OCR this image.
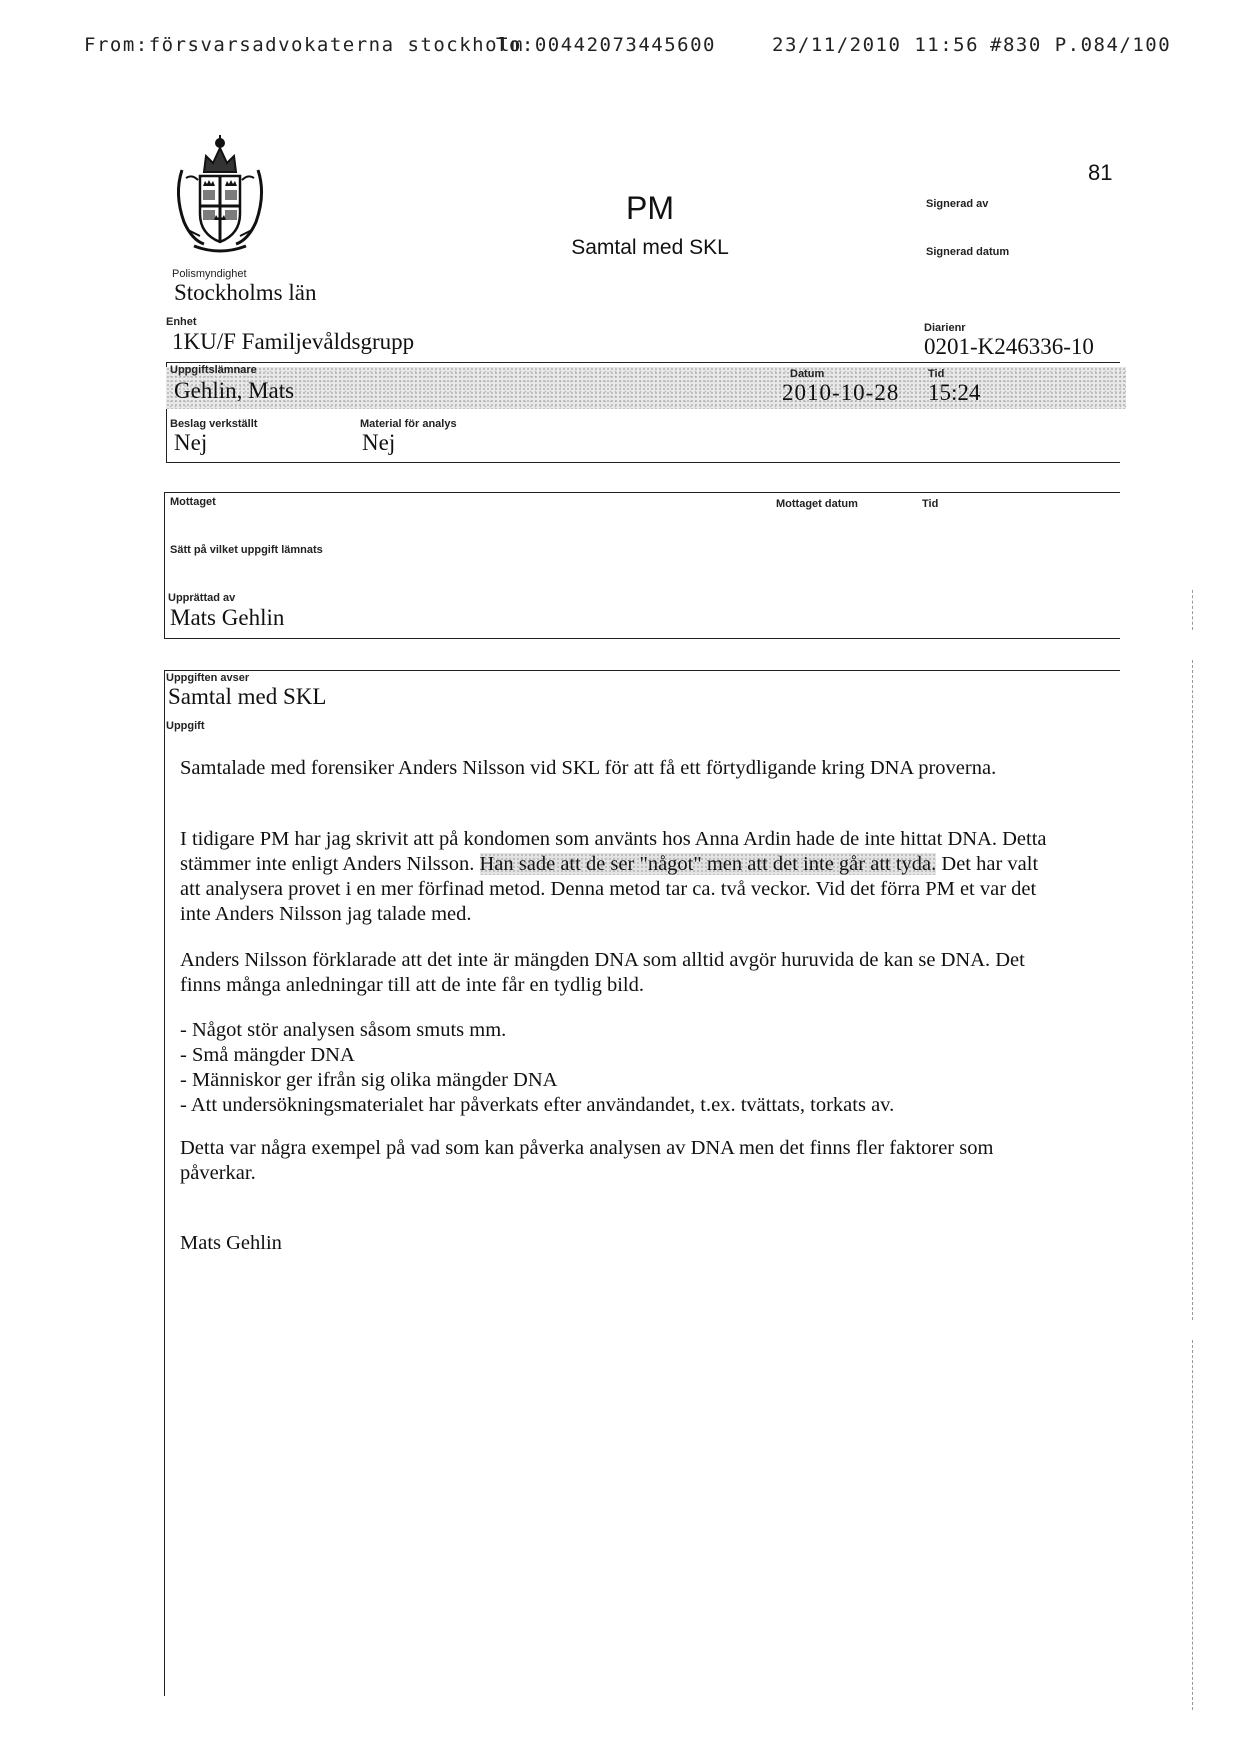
From:försvarsadvokaterna stockholm
To:00442073445600	23/11/2010 11:56 #830 P.084/100
PM
Samtal med SKL
81
Signerad av
Signerad datum
Polismyndighet
Stockholms län
Enhet
1KU/F Familjevåldsgrupp
Diarienr
0201-K246336-10
Uppgiftslämnare
Gehlin, Mats
Datum
2010-10-28
Tid
15:24
Beslag verkställt
Nej
Material för analys
Nej
Mottaget	Mottaget datum	Tid
Sätt på vilket uppgift lämnats
Upprättad av
Mats Gehlin
Uppgiften avser
Samtal med SKL
Uppgift
Samtalade med forensiker Anders Nilsson vid SKL för att få ett förtydligande kring DNA proverna.
I tidigare PM har jag skrivit att på kondomen som använts hos Anna Ardin hade de inte hittat DNA. Detta stämmer inte enligt Anders Nilsson. Han sade att de ser "något" men att det inte går att tyda. Det har valt att analysera provet i en mer förfinad metod. Denna metod tar ca. två veckor. Vid det förra PM et var det inte Anders Nilsson jag talade med.
Anders Nilsson förklarade att det inte är mängden DNA som alltid avgör huruvida de kan se DNA. Det finns många anledningar till att de inte får en tydlig bild.

- Något stör analysen såsom smuts mm.

- Små mängder DNA

- Människor ger ifrån sig olika mängder DNA

- Att undersökningsmaterialet har påverkats efter användandet, t.ex. tvättats, torkats av.

Detta var några exempel på vad som kan påverka analysen av DNA men det finns fler faktorer som påverkar.
Mats Gehlin
